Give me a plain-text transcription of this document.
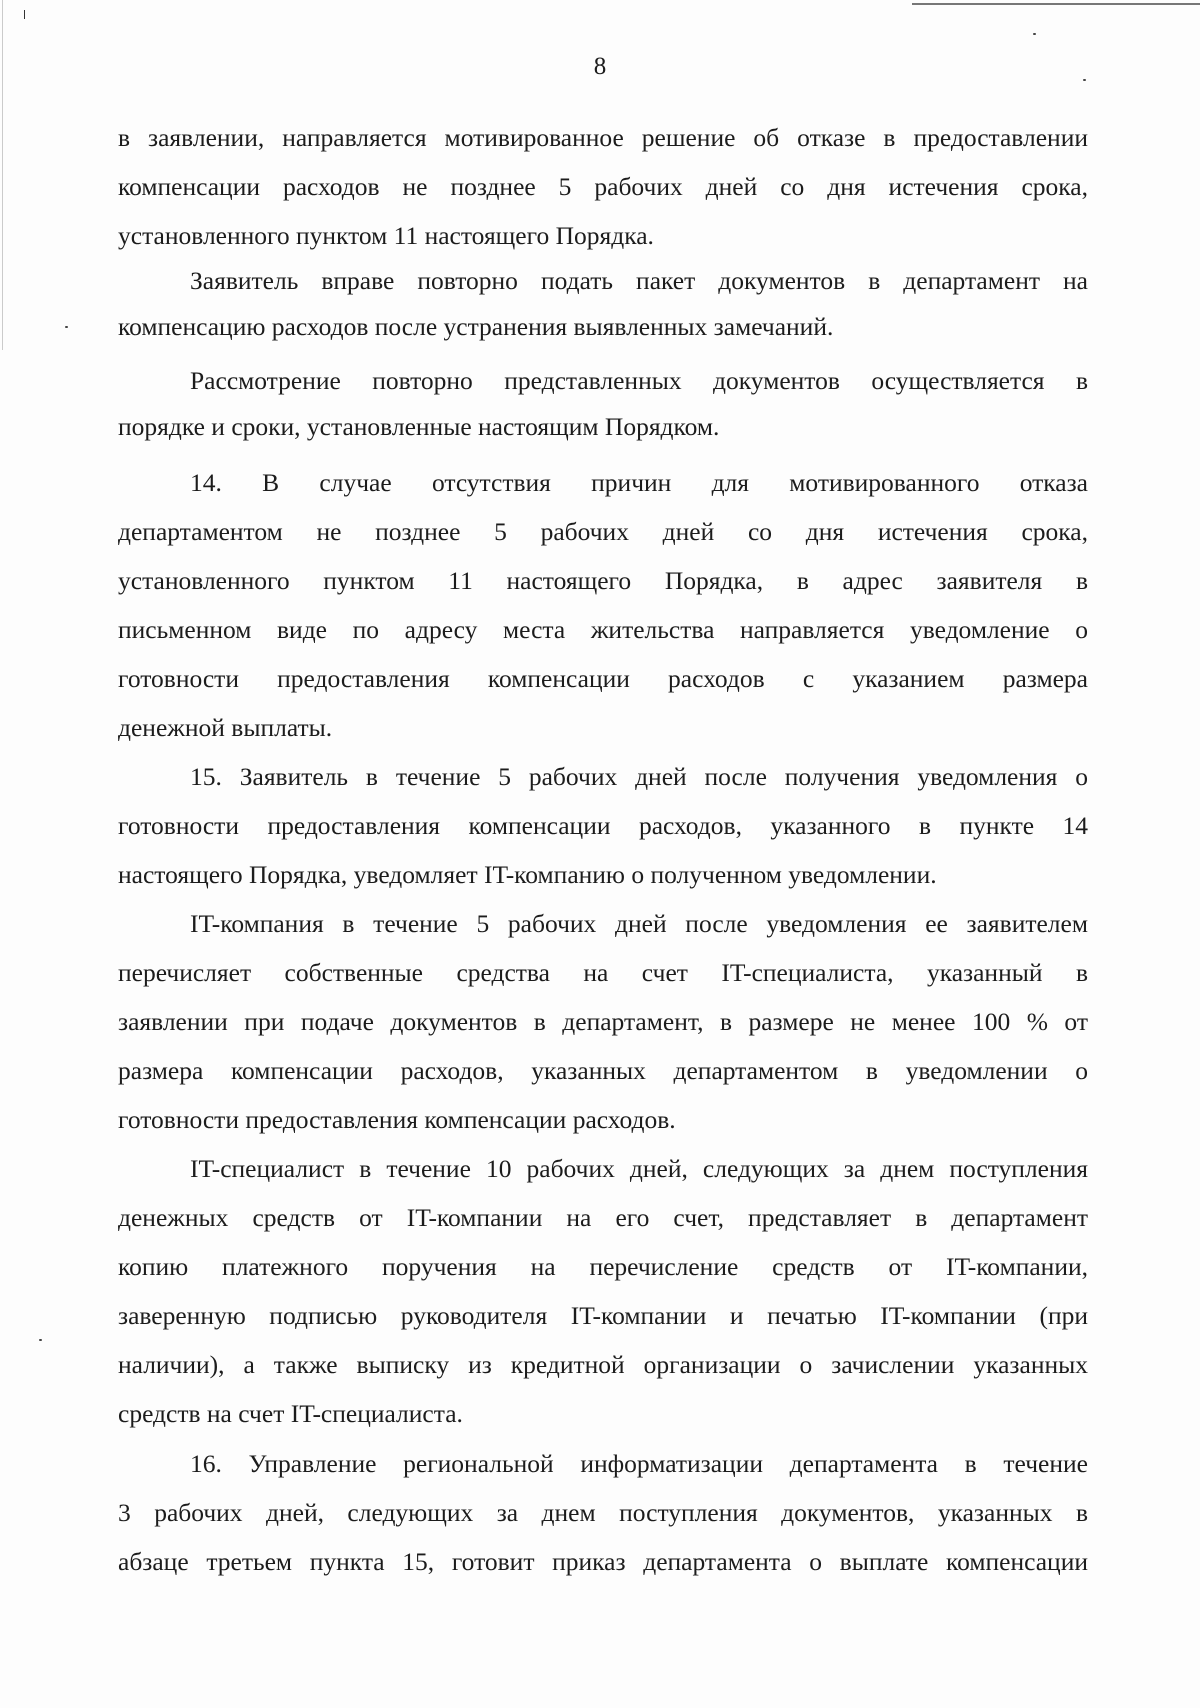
8

в заявлении, направляется мотивированное решение об отказе в предоставлении

компенсации расходов не позднее 5 рабочих дней со дня истечения срока,

установленного пунктом 11 настоящего Порядка.

Заявитель вправе повторно подать пакет документов в департамент на

компенсацию расходов после устранения выявленных замечаний.

Рассмотрение повторно представленных документов осуществляется в

порядке и сроки, установленные настоящим Порядком.

14. В случае отсутствия причин для мотивированного отказа

департаментом не позднее 5 рабочих дней со дня истечения срока,

установленного пунктом 11 настоящего Порядка, в адрес заявителя в

письменном виде по адресу места жительства направляется уведомление о

готовности предоставления компенсации расходов с указанием размера

денежной выплаты.

15. Заявитель в течение 5 рабочих дней после получения уведомления о

готовности предоставления компенсации расходов, указанного в пункте 14

настоящего Порядка, уведомляет IT-компанию о полученном уведомлении.

IT-компания в течение 5 рабочих дней после уведомления ее заявителем

перечисляет собственные средства на счет IT-специалиста, указанный в

заявлении при подаче документов в департамент, в размере не менее 100 % от

размера компенсации расходов, указанных департаментом в уведомлении о

готовности предоставления компенсации расходов.

IT-специалист в течение 10 рабочих дней, следующих за днем поступления

денежных средств от IT-компании на его счет, представляет в департамент

копию платежного поручения на перечисление средств от IT-компании,

заверенную подписью руководителя IT-компании и печатью IT-компании (при

наличии), а также выписку из кредитной организации о зачислении указанных

средств на счет IT-специалиста.

16. Управление региональной информатизации департамента в течение

3 рабочих дней, следующих за днем поступления документов, указанных в

абзаце третьем пункта 15, готовит приказ департамента о выплате компенсации
